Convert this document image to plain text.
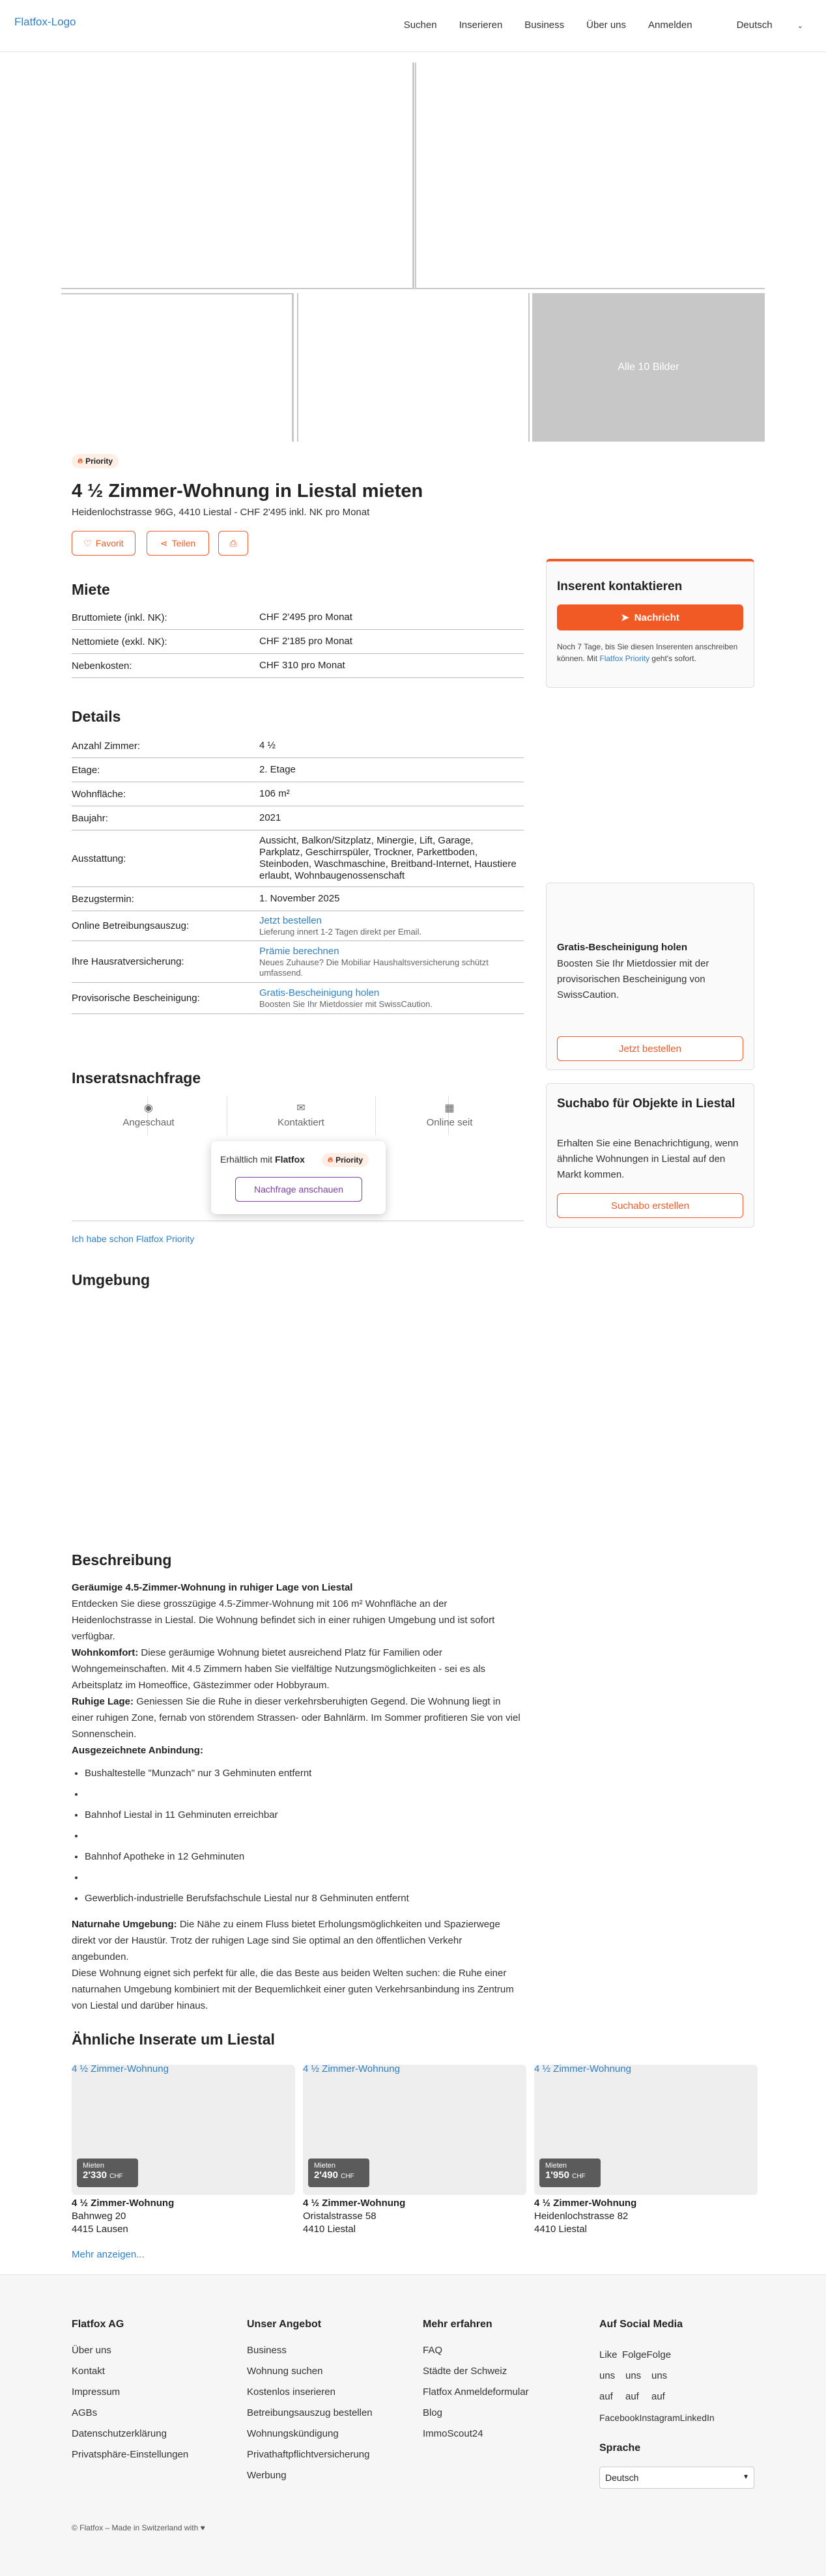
Flatfox-Logo	Suchen Inserieren Business Über uns Anmelden	Deutsch	⌄
Alle 10 Bilder
🔥︎ Priority
4 ½ Zimmer-Wohnung in Liestal mieten
Heidenlochstrasse 96G, 4410 Liestal - CHF 2'495 inkl. NK pro Monat
♡ Favorit	⋖ Teilen	⎙
Miete
Bruttomiete (inkl. NK):	CHF 2'495 pro Monat
Nettomiete (exkl. NK):	CHF 2'185 pro Monat
Nebenkosten:	CHF 310 pro Monat
Details
Anzahl Zimmer:	4 ½
Etage:	2. Etage
Wohnfläche:	106 m²
Baujahr:	2021
Ausstattung:
Aussicht, Balkon/Sitzplatz, Minergie, Lift, Garage, Parkplatz, Geschirrspüler, Trockner, Parkettboden, Steinboden, Waschmaschine, Breitband-Internet, Haustiere erlaubt, Wohnbaugenossenschaft
Bezugstermin:	1. November 2025
Online Betreibungsauszug:	Jetzt bestellen
Lieferung innert 1-2 Tagen direkt per Email.
Ihre Hausratversicherung:
Prämie berechnen
Neues Zuhause? Die Mobiliar Haushaltsversicherung schützt umfassend.
Provisorische Bescheinigung:	Gratis-Bescheinigung holen
Boosten Sie Ihr Mietdossier mit SwissCaution.
Inseratsnachfrage
◉
Angeschaut
✉
Kontaktiert
▦
Online seit
Erhältlich mit Flatfox	🔥︎ Priority
Nachfrage anschauen
Ich habe schon Flatfox Priority
Umgebung
Beschreibung
Geräumige 4.5-Zimmer-Wohnung in ruhiger Lage von Liestal
Entdecken Sie diese grosszügige 4.5-Zimmer-Wohnung mit 106 m² Wohnfläche an der Heidenlochstrasse in Liestal. Die Wohnung befindet sich in einer ruhigen Umgebung und ist sofort verfügbar.
Wohnkomfort: Diese geräumige Wohnung bietet ausreichend Platz für Familien oder Wohngemeinschaften. Mit 4.5 Zimmern haben Sie vielfältige Nutzungsmöglichkeiten - sei es als Arbeitsplatz im Homeoffice, Gästezimmer oder Hobbyraum.
Ruhige Lage: Geniessen Sie die Ruhe in dieser verkehrsberuhigten Gegend. Die Wohnung liegt in einer ruhigen Zone, fernab von störendem Strassen- oder Bahnlärm. Im Sommer profitieren Sie von viel Sonnenschein.
Ausgezeichnete Anbindung:
• Bushaltestelle "Munzach" nur 3 Gehminuten entfernt
•
• Bahnhof Liestal in 11 Gehminuten erreichbar
•
• Bahnhof Apotheke in 12 Gehminuten
•
• Gewerblich-industrielle Berufsfachschule Liestal nur 8 Gehminuten entfernt
Naturnahe Umgebung: Die Nähe zu einem Fluss bietet Erholungsmöglichkeiten und Spazierwege direkt vor der Haustür. Trotz der ruhigen Lage sind Sie optimal an den öffentlichen Verkehr angebunden.
Diese Wohnung eignet sich perfekt für alle, die das Beste aus beiden Welten suchen: die Ruhe einer naturnahen Umgebung kombiniert mit der Bequemlichkeit einer guten Verkehrsanbindung ins Zentrum von Liestal und darüber hinaus.
Ähnliche Inserate um Liestal
4 ½ Zimmer-Wohnung
Mieten
2'330 CHF
4 ½ Zimmer-Wohnung
Bahnweg 20
4415 Lausen
4 ½ Zimmer-Wohnung
Mieten
2'490 CHF
4 ½ Zimmer-Wohnung
Oristalstrasse 58
4410 Liestal
4 ½ Zimmer-Wohnung
Mieten
1'950 CHF
4 ½ Zimmer-Wohnung
Heidenlochstrasse 82
4410 Liestal
Mehr anzeigen...
Inserent kontaktieren
➤ Nachricht
Noch 7 Tage, bis Sie diesen Inserenten anschreiben können. Mit Flatfox Priority geht's sofort.
Gratis-Bescheinigung holen
Boosten Sie Ihr Mietdossier mit der provisorischen Bescheinigung von SwissCaution.
Jetzt bestellen
Suchabo für Objekte in Liestal
Erhalten Sie eine Benachrichtigung, wenn ähnliche Wohnungen in Liestal auf den Markt kommen.
Suchabo erstellen
Flatfox AG
Über uns
Kontakt
Impressum
AGBs
Datenschutzerklärung
Privatsphäre-Einstellungen
Unser Angebot
Business
Wohnung suchen
Kostenlos inserieren
Betreibungsauszug bestellen
Wohnungskündigung
Privathaftpflichtversicherung
Werbung
Mehr erfahren
FAQ
Städte der Schweiz
Flatfox Anmeldeformular
Blog
ImmoScout24
Auf Social Media
Like FolgeFolge
uns uns uns
auf auf auf
FacebookInstagramLinkedIn
Sprache
Deutsch	▾
© Flatfox – Made in Switzerland with ♥
